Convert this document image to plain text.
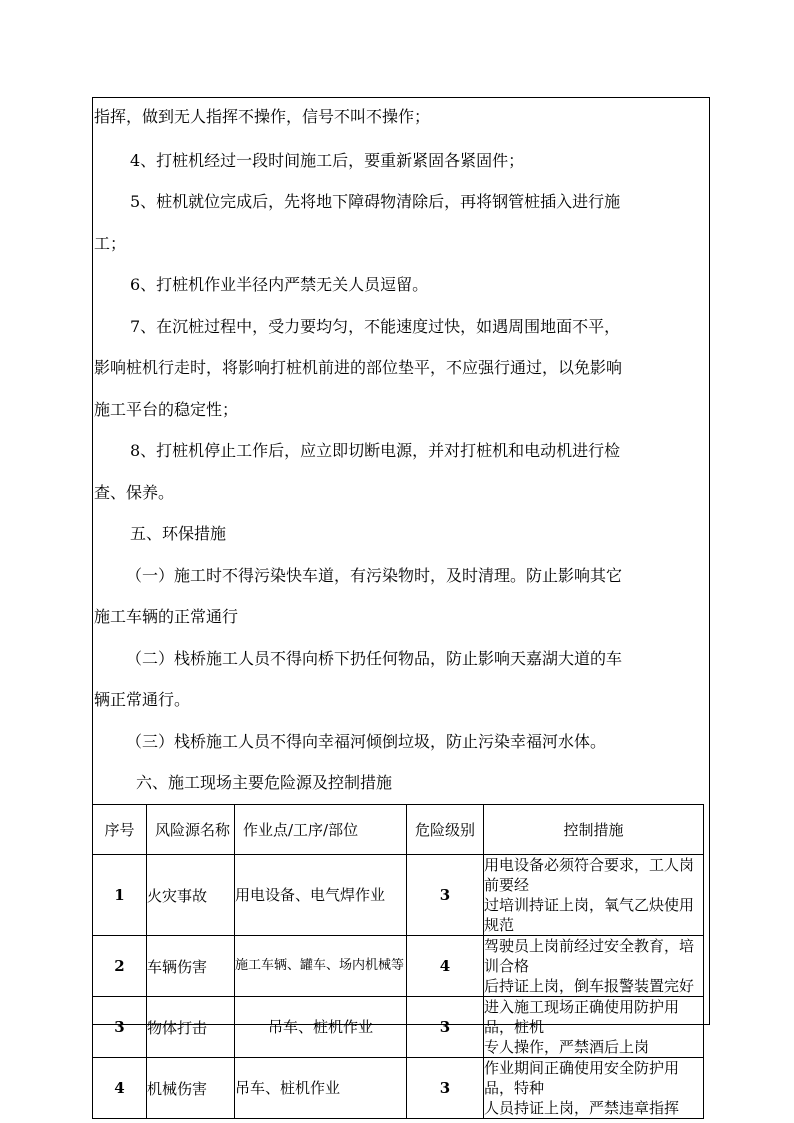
指挥，做到无人指挥不操作，信号不叫不操作；
4、打桩机经过一段时间施工后，要重新紧固各紧固件；
5、桩机就位完成后，先将地下障碍物清除后，再将钢管桩插入进行施
工；
6、打桩机作业半径内严禁无关人员逗留。
7、在沉桩过程中，受力要均匀，不能速度过快，如遇周围地面不平，
影响桩机行走时，将影响打桩机前进的部位垫平，不应强行通过，以免影响
施工平台的稳定性；
8、打桩机停止工作后，应立即切断电源，并对打桩机和电动机进行检
查、保养。
五、环保措施
（一）施工时不得污染快车道，有污染物时，及时清理。防止影响其它
施工车辆的正常通行
（二）栈桥施工人员不得向桥下扔任何物品，防止影响天嘉湖大道的车
辆正常通行。
（三）栈桥施工人员不得向幸福河倾倒垃圾，防止污染幸福河水体。
六、施工现场主要危险源及控制措施
序号	风险源名称	作业点/工序/部位	危险级别	控制措施
1	火灾事故	用电设备、电气焊作业	3	用电设备必须符合要求，工人岗前要经
过培训持证上岗，氧气乙炔使用规范

2	车辆伤害	施工车辆、罐车、场内机械等	4	驾驶员上岗前经过安全教育，培训合格
后持证上岗，倒车报警装置完好

3	物体打击	吊车、桩机作业	3	进入施工现场正确使用防护用品，桩机
专人操作，严禁酒后上岗

4	机械伤害	吊车、桩机作业	3	作业期间正确使用安全防护用品，特种
人员持证上岗，严禁违章指挥
